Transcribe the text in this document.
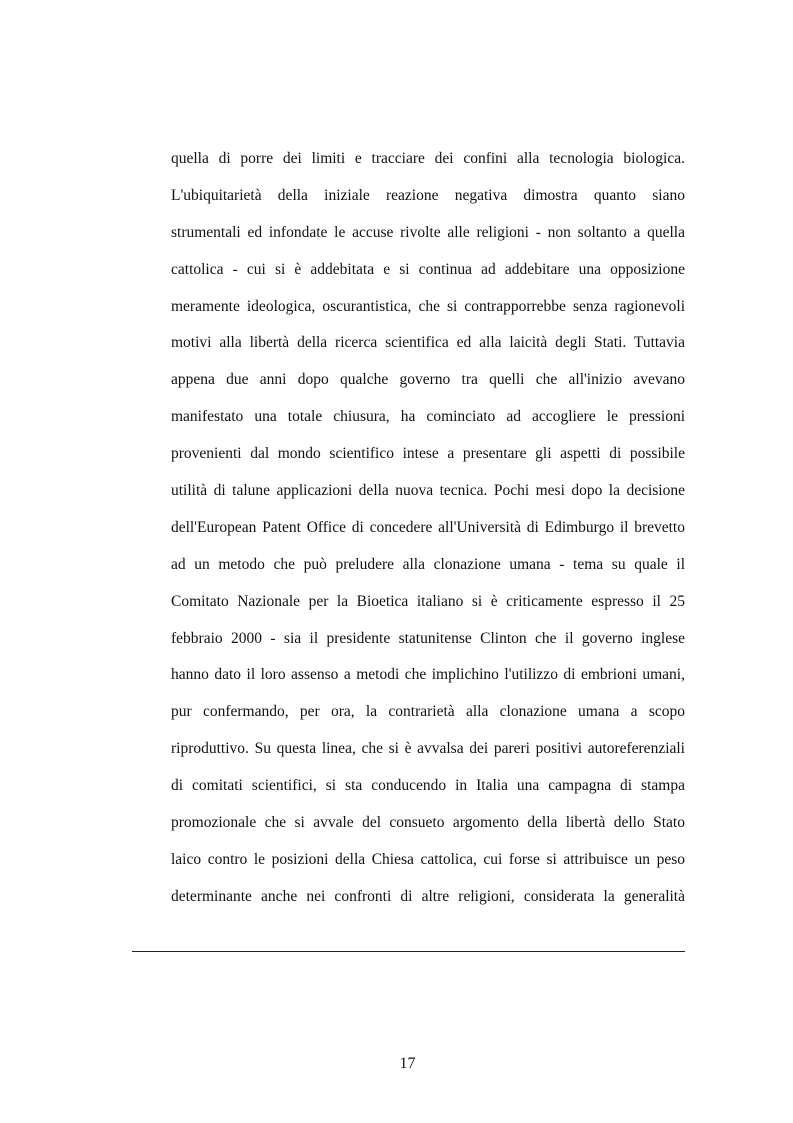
quella di porre dei limiti e tracciare dei confini alla tecnologia biologica.
L'ubiquitarietà della iniziale reazione negativa dimostra quanto siano
strumentali ed infondate le accuse rivolte alle religioni - non soltanto a quella
cattolica - cui si è addebitata e si continua ad addebitare una opposizione
meramente ideologica, oscurantistica, che si contrapporrebbe senza ragionevoli
motivi alla libertà della ricerca scientifica ed alla laicità degli Stati. Tuttavia
appena due anni dopo qualche governo tra quelli che all'inizio avevano
manifestato una totale chiusura, ha cominciato ad accogliere le pressioni
provenienti dal mondo scientifico intese a presentare gli aspetti di possibile
utilità di talune applicazioni della nuova tecnica. Pochi mesi dopo la decisione
dell'European Patent Office di concedere all'Università di Edimburgo il brevetto
ad un metodo che può preludere alla clonazione umana - tema su quale il
Comitato Nazionale per la Bioetica italiano si è criticamente espresso il 25
febbraio 2000 - sia il presidente statunitense Clinton che il governo inglese
hanno dato il loro assenso a metodi che implichino l'utilizzo di embrioni umani,
pur confermando, per ora, la contrarietà alla clonazione umana a scopo
riproduttivo. Su questa linea, che si è avvalsa dei pareri positivi autoreferenziali
di comitati scientifici, si sta conducendo in Italia una campagna di stampa
promozionale che si avvale del consueto argomento della libertà dello Stato
laico contro le posizioni della Chiesa cattolica, cui forse si attribuisce un peso
determinante anche nei confronti di altre religioni, considerata la generalità
17
